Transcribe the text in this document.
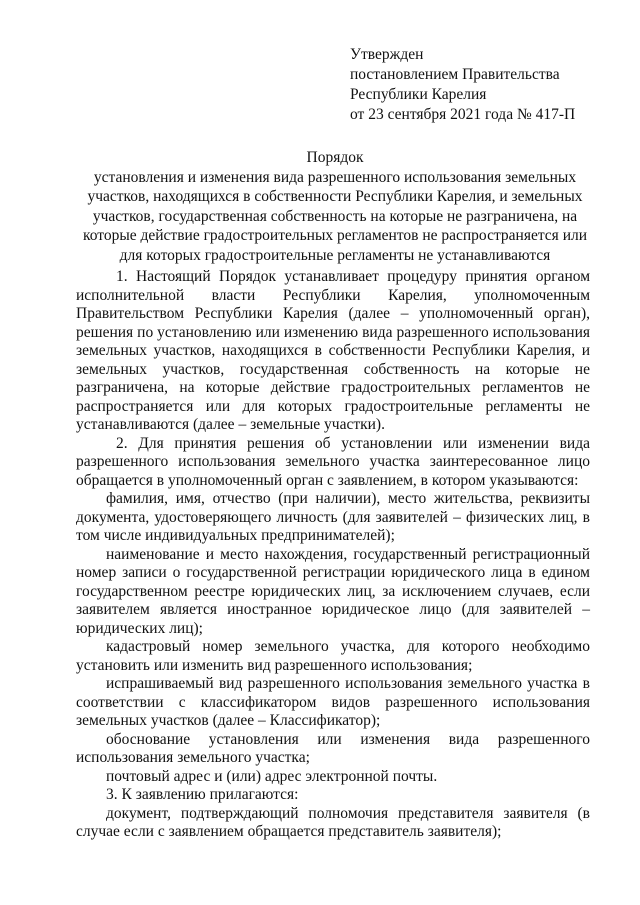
Утвержден
постановлением Правительства
Республики Карелия
от 23 сентября 2021 года № 417-П
Порядок
установления и изменения вида разрешенного использования земельных
участков, находящихся в собственности Республики Карелия, и земельных
участков, государственная собственность на которые не разграничена, на
которые действие градостроительных регламентов не распространяется или
для которых градостроительные регламенты не устанавливаются

1. Настоящий Порядок устанавливает процедуру принятия органом исполнительной власти Республики Карелия, уполномоченным Правительством Республики Карелия (далее – уполномоченный орган), решения по установлению или изменению вида разрешенного использования земельных участков, находящихся в собственности Республики Карелия, и земельных участков, государственная собственность на которые не разграничена, на которые действие градостроительных регламентов не распространяется или для которых градостроительные регламенты не устанавливаются (далее – земельные участки).

2. Для принятия решения об установлении или изменении вида разрешенного использования земельного участка заинтересованное лицо обращается в уполномоченный орган с заявлением, в котором указываются:

фамилия, имя, отчество (при наличии), место жительства, реквизиты документа, удостоверяющего личность (для заявителей – физических лиц, в том числе индивидуальных предпринимателей);

наименование и место нахождения, государственный регистрационный номер записи о государственной регистрации юридического лица в едином государственном реестре юридических лиц, за исключением случаев, если заявителем является иностранное юридическое лицо (для заявителей – юридических лиц);

кадастровый номер земельного участка, для которого необходимо установить или изменить вид разрешенного использования;

испрашиваемый вид разрешенного использования земельного участка в соответствии с классификатором видов разрешенного использования земельных участков (далее – Классификатор);

обоснование установления или изменения вида разрешенного использования земельного участка;

почтовый адрес и (или) адрес электронной почты.

3. К заявлению прилагаются:

документ, подтверждающий полномочия представителя заявителя (в случае если с заявлением обращается представитель заявителя);
